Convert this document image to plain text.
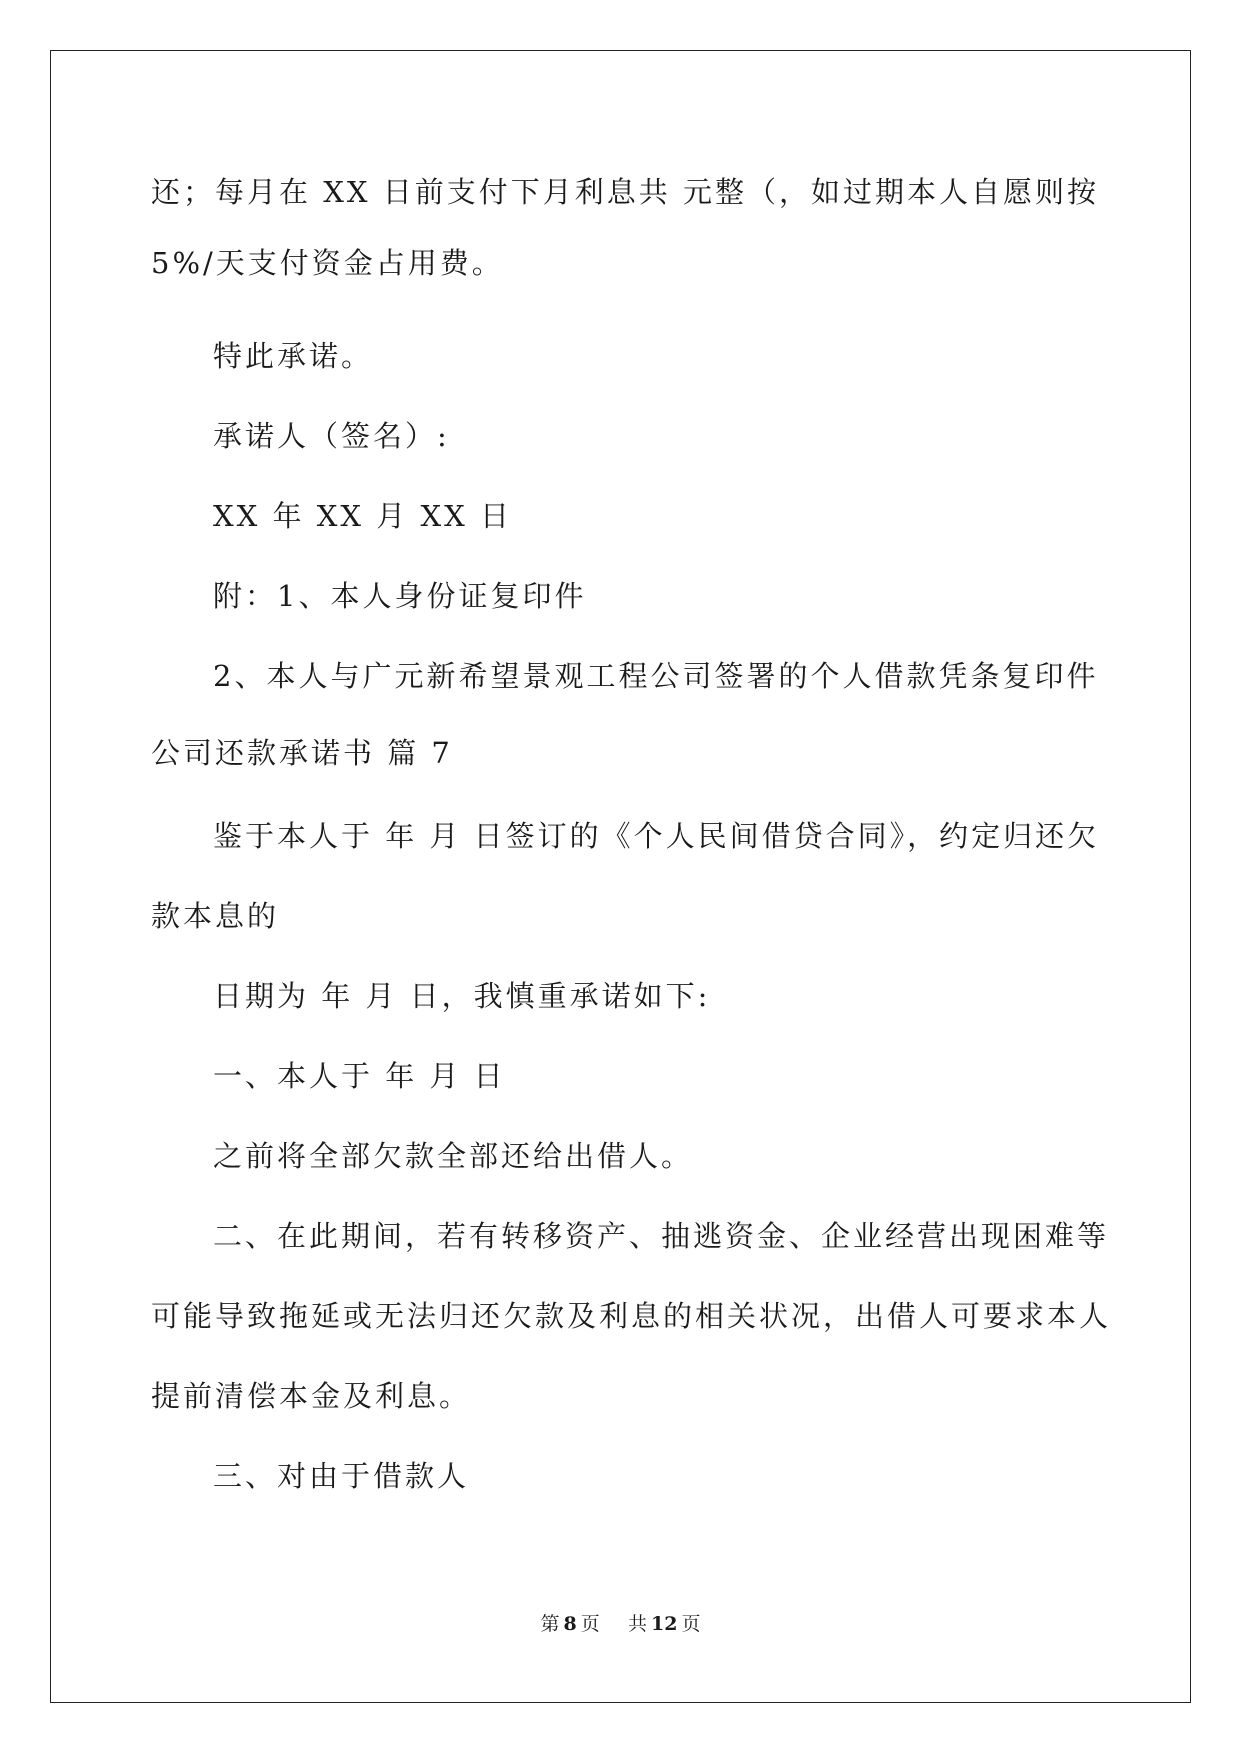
还；每月在 XX 日前支付下月利息共 元整（，如过期本人自愿则按
5%/天支付资金占用费。
特此承诺。
承诺人（签名）:
XX 年 XX 月 XX 日
附：1、本人身份证复印件
2、本人与广元新希望景观工程公司签署的个人借款凭条复印件
公司还款承诺书 篇 7
鉴于本人于 年 月 日签订的《个人民间借贷合同》，约定归还欠
款本息的
日期为 年 月 日，我慎重承诺如下:
一、本人于 年 月 日
之前将全部欠款全部还给出借人。
二、在此期间，若有转移资产、抽逃资金、企业经营出现困难等
可能导致拖延或无法归还欠款及利息的相关状况，出借人可要求本人
提前清偿本金及利息。
三、对由于借款人
第 8 页 共 12 页
